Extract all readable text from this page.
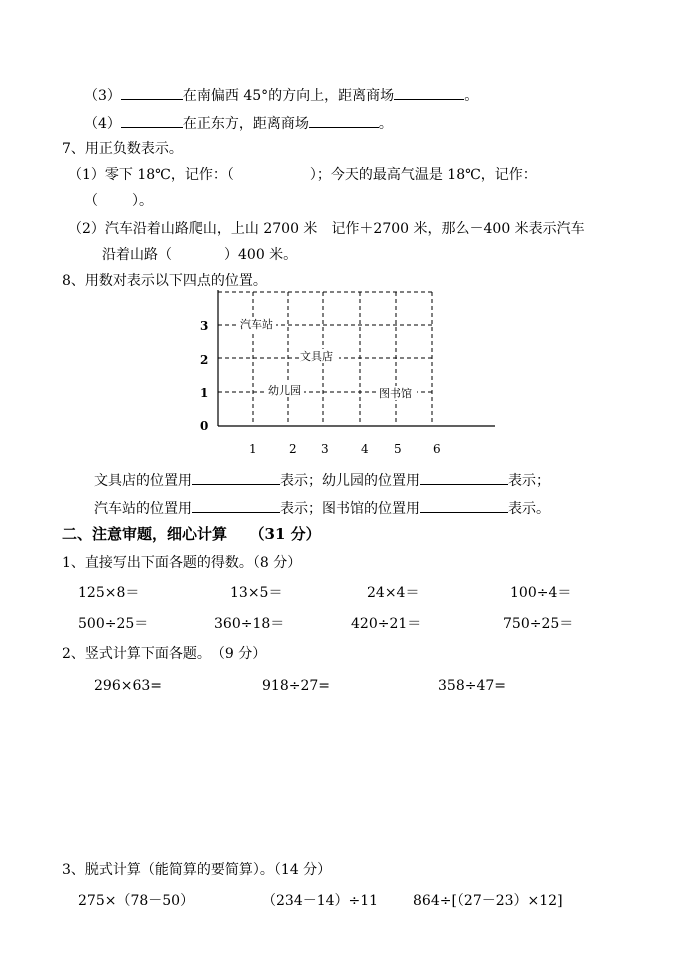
（3）	在南偏西 45°的方向上，距离商场	。
（4）	在正东方，距离商场	。
7、用正负数表示。
（1）零下 18℃，记作：（	）；今天的最高气温是 18℃，记作：
（ ）。
（2）汽车沿着山路爬山，上山 2700 米　记作＋2700 米，那么－400 米表示汽车
沿着山路（	）400 米。
8、用数对表示以下四点的位置。
3
2
1
0
1	2 3	4 5	6
汽车站
文具店
幼儿园	图书馆
文具店的位置用	表示；幼儿园的位置用	表示；
汽车站的位置用	表示；图书馆的位置用	表示。
二、注意审题，细心计算　　（31 分）
1、直接写出下面各题的得数。（8 分）
125×8＝	13×5＝	24×4＝	100÷4＝
500÷25＝	360÷18＝	420÷21＝	750÷25＝
2、竖式计算下面各题。　（9 分）
296×63=	918÷27=	358÷47=
3、脱式计算（能简算的要简算）。（14 分）
275×（78－50）	（234－14）÷11 864÷[（27－23）×12]
